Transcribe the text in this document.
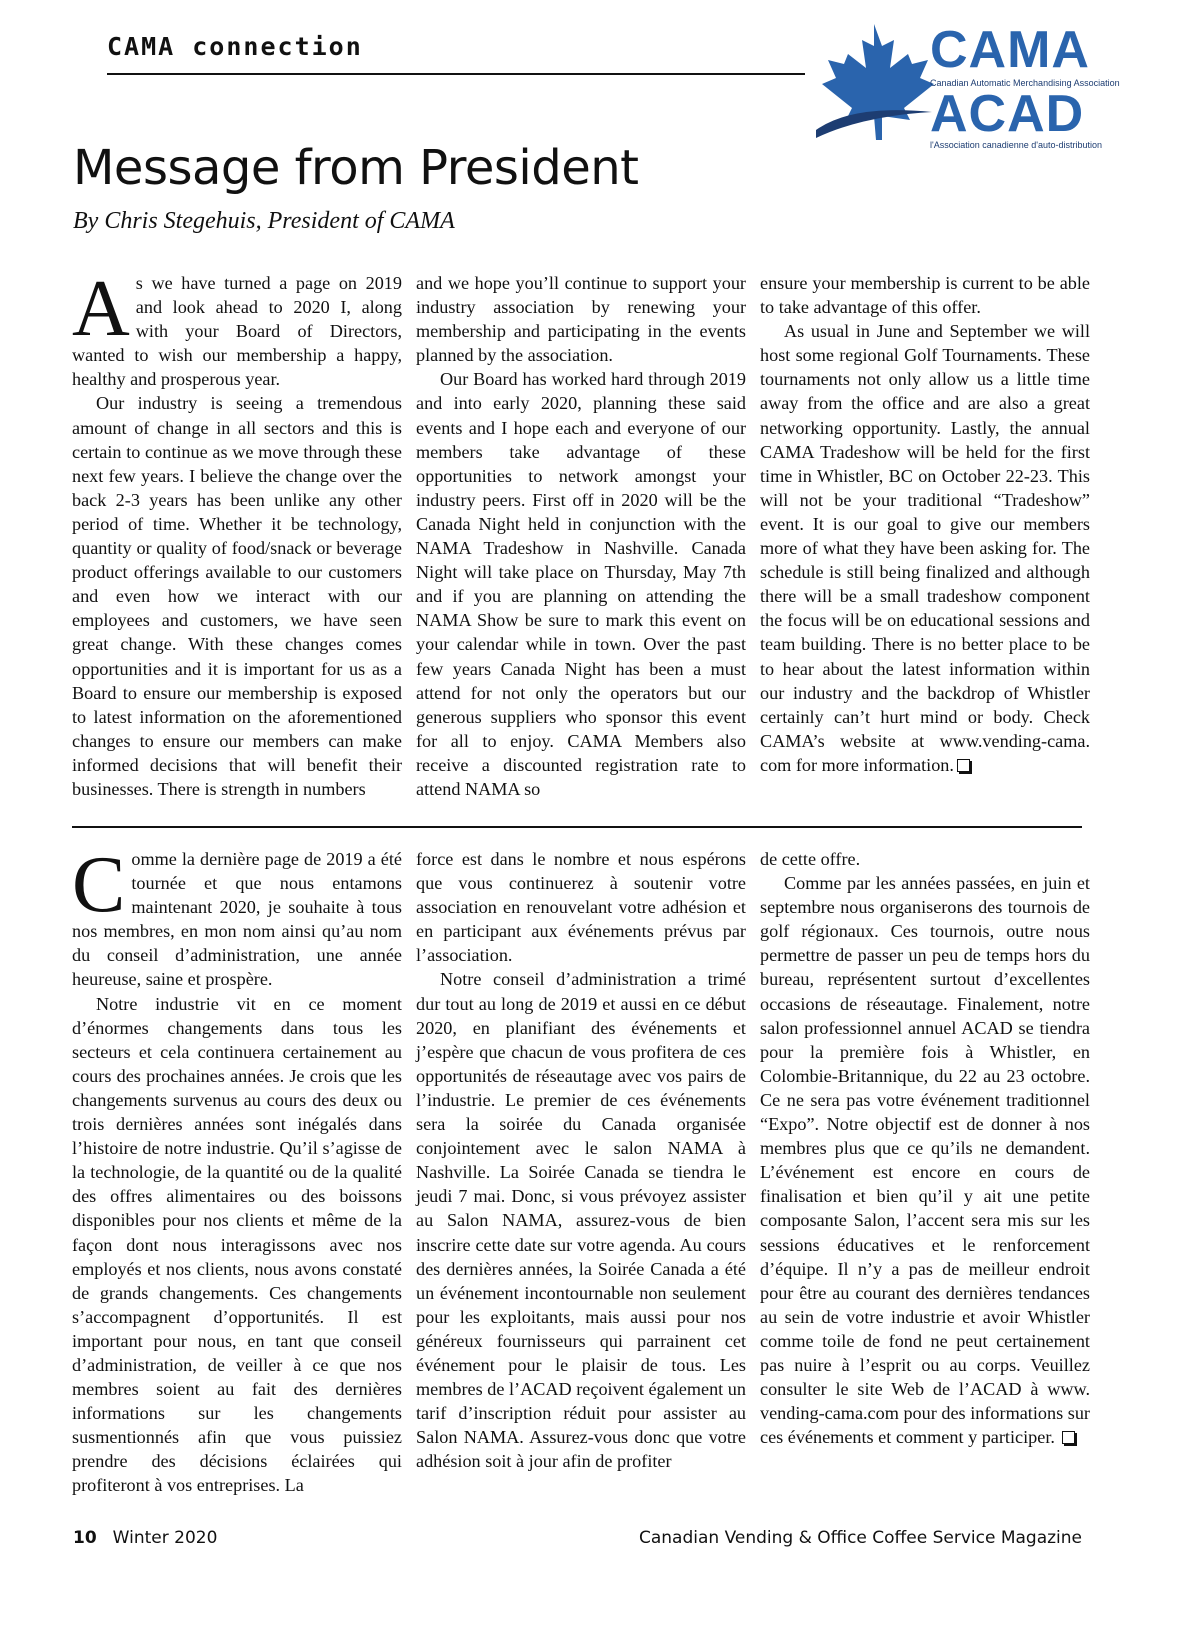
CAMA connection	CAMA
Canadian Automatic Merchandising Association
ACAD
l'Association canadienne d'auto-distribution
Message from President
By Chris Stegehuis, President of CAMA
A s we have turned a page on 2019 and look ahead to 2020 I, along with your Board of Directors, wanted to wish our membership a happy, healthy and prosperous year.

Our industry is seeing a tremendous amount of change in all sectors and this is certain to continue as we move through these next few years. I believe the change over the back 2-3 years has been unlike any other period of time. Whether it be technology, quantity or quality of food/snack or beverage product offerings available to our customers and even how we interact with our employees and customers, we have seen great change. With these changes comes opportunities and it is important for us as a Board to ensure our membership is exposed to latest information on the aforementioned changes to ensure our members can make informed decisions that will benefit their businesses. There is strength in numbers

and we hope you’ll continue to support your industry association by renewing your membership and participating in the events planned by the association.

Our Board has worked hard through 2019 and into early 2020, planning these said events and I hope each and everyone of our members take advantage of these opportunities to network amongst your industry peers. First off in 2020 will be the Canada Night held in conjunction with the NAMA Tradeshow in Nashville. Canada Night will take place on Thursday, May 7th and if you are planning on attending the NAMA Show be sure to mark this event on your calendar while in town. Over the past few years Canada Night has been a must attend for not only the operators but our generous suppliers who sponsor this event for all to enjoy. CAMA Members also receive a discounted registration rate to attend NAMA so

ensure your membership is current to be able to take advantage of this offer.

As usual in June and September we will host some regional Golf Tournaments. These tournaments not only allow us a little time away from the office and are also a great networking opportunity. Lastly, the annual CAMA Tradeshow will be held for the first time in Whistler, BC on October 22-23. This will not be your traditional “Tradeshow” event. It is our goal to give our members more of what they have been asking for. The schedule is still being finalized and although there will be a small tradeshow component the focus will be on educational sessions and team building. There is no better place to be to hear about the latest information within our industry and the backdrop of Whistler certainly can’t hurt mind or body. Check CAMA’s website at www.vending-cama. com for more information.

C omme la dernière page de 2019 a été tournée et que nous entamons maintenant 2020, je souhaite à tous nos membres, en mon nom ainsi qu’au nom du conseil d’administration, une année heureuse, saine et prospère.

Notre industrie vit en ce moment d’énormes changements dans tous les secteurs et cela continuera certainement au cours des prochaines années. Je crois que les changements survenus au cours des deux ou trois dernières années sont inégalés dans l’histoire de notre industrie. Qu’il s’agisse de la technologie, de la quantité ou de la qualité des offres alimentaires ou des boissons disponibles pour nos clients et même de la façon dont nous interagissons avec nos employés et nos clients, nous avons constaté de grands changements. Ces changements s’accompagnent d’opportunités. Il est important pour nous, en tant que conseil d’administration, de veiller à ce que nos membres soient au fait des dernières informations sur les changements susmentionnés afin que vous puissiez prendre des décisions éclairées qui profiteront à vos entreprises. La

force est dans le nombre et nous espérons que vous continuerez à soutenir votre association en renouvelant votre adhésion et en participant aux événements prévus par l’association.

Notre conseil d’administration a trimé dur tout au long de 2019 et aussi en ce début 2020, en planifiant des événements et j’espère que chacun de vous profitera de ces opportunités de réseautage avec vos pairs de l’industrie. Le premier de ces événements sera la soirée du Canada organisée conjointement avec le salon NAMA à Nashville. La Soirée Canada se tiendra le jeudi 7 mai. Donc, si vous prévoyez assister au Salon NAMA, assurez-vous de bien inscrire cette date sur votre agenda. Au cours des dernières années, la Soirée Canada a été un événement incontournable non seulement pour les exploitants, mais aussi pour nos généreux fournisseurs qui parrainent cet événement pour le plaisir de tous. Les membres de l’ACAD reçoivent également un tarif d’inscription réduit pour assister au Salon NAMA. Assurez-vous donc que votre adhésion soit à jour afin de profiter

de cette offre.

Comme par les années passées, en juin et septembre nous organiserons des tournois de golf régionaux. Ces tournois, outre nous permettre de passer un peu de temps hors du bureau, représentent surtout d’excellentes occasions de réseautage. Finalement, notre salon professionnel annuel ACAD se tiendra pour la première fois à Whistler, en Colombie-Britannique, du 22 au 23 octobre. Ce ne sera pas votre événement traditionnel “Expo”. Notre objectif est de donner à nos membres plus que ce qu’ils ne demandent. L’événement est encore en cours de finalisation et bien qu’il y ait une petite composante Salon, l’accent sera mis sur les sessions éducatives et le renforcement d’équipe. Il n’y a pas de meilleur endroit pour être au courant des dernières tendances au sein de votre industrie et avoir Whistler comme toile de fond ne peut certainement pas nuire à l’esprit ou au corps. Veuillez consulter le site Web de l’ACAD à www. vending-cama.com pour des informations sur ces événements et comment y participer.

10 Winter 2020	Canadian Vending & Office Coffee Service Magazine
